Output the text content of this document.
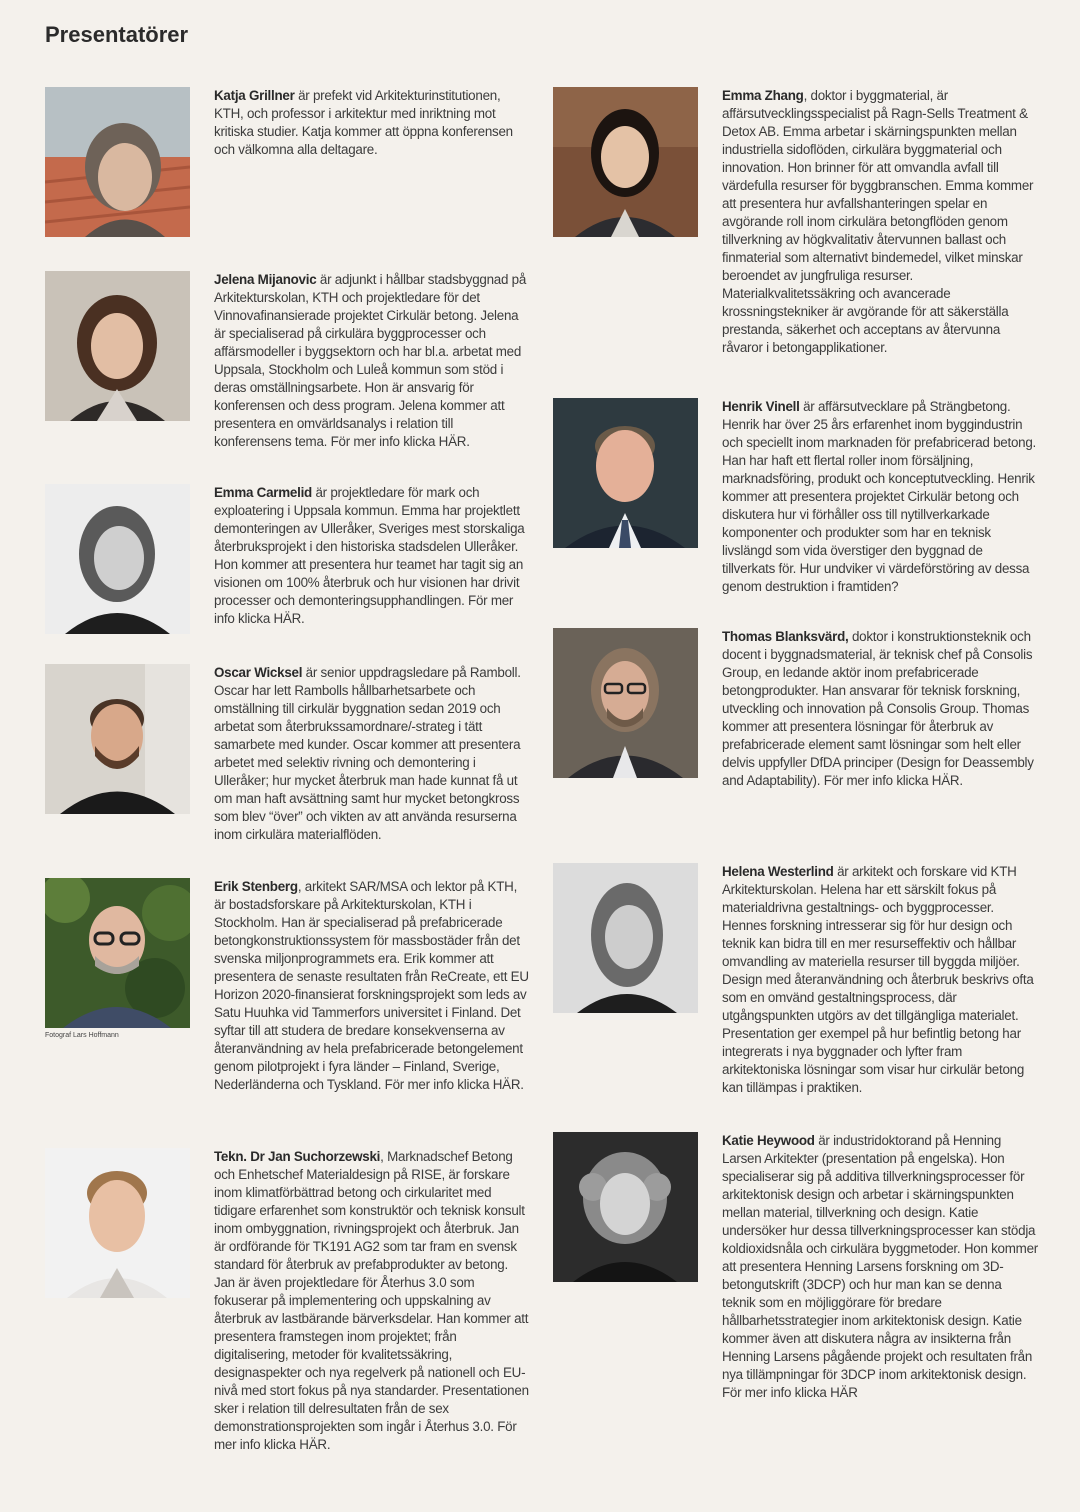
Presentatörer
Katja Grillner är prefekt vid Arkitekturinstitutionen, KTH, och professor i arkitektur med inriktning mot kritiska studier. Katja kommer att öppna konferensen och välkomna alla deltagare.
Jelena Mijanovic är adjunkt i hållbar stadsbyggnad på Arkitekturskolan, KTH och projektledare för det Vinnovafinansierade projektet Cirkulär betong. Jelena är specialiserad på cirkulära byggprocesser och affärsmodeller i byggsektorn och har bl.a. arbetat med Uppsala, Stockholm och Luleå kommun som stöd i deras omställningsarbete. Hon är ansvarig för konferensen och dess program. Jelena kommer att presentera en omvärldsanalys i relation till konferensens tema. För mer info klicka HÄR.
Emma Carmelid är projektledare för mark och exploatering i Uppsala kommun. Emma har projektlett demonteringen av Ulleråker, Sveriges mest storskaliga återbruksprojekt i den historiska stadsdelen Ulleråker. Hon kommer att presentera hur teamet har tagit sig an visionen om 100% återbruk och hur visionen har drivit processer och demonteringsupphandlingen. För mer info klicka HÄR.
Oscar Wicksel är senior uppdragsledare på Ramboll. Oscar har lett Rambolls hållbarhetsarbete och omställning till cirkulär byggnation sedan 2019 och arbetat som återbrukssamordnare/-strateg i tätt samarbete med kunder. Oscar kommer att presentera arbetet med selektiv rivning och demontering i Ulleråker; hur mycket återbruk man hade kunnat få ut om man haft avsättning samt hur mycket betongkross som blev “över” och vikten av att använda resurserna inom cirkulära materialflöden.
Fotograf Lars Hoffmann
Erik Stenberg, arkitekt SAR/MSA och lektor på KTH, är bostadsforskare på Arkitekturskolan, KTH i Stockholm. Han är specialiserad på prefabricerade betongkonstruktionssystem för massbostäder från det svenska miljonprogrammets era. Erik kommer att presentera de senaste resultaten från ReCreate, ett EU Horizon 2020-finansierat forskningsprojekt som leds av Satu Huuhka vid Tammerfors universitet i Finland. Det syftar till att studera de bredare konsekvenserna av återanvändning av hela prefabricerade betongelement genom pilotprojekt i fyra länder – Finland, Sverige, Nederländerna och Tyskland. För mer info klicka HÄR.
Tekn. Dr Jan Suchorzewski, Marknadschef Betong och Enhetschef Materialdesign på RISE, är forskare inom klimatförbättrad betong och cirkularitet med tidigare erfarenhet som konstruktör och teknisk konsult inom ombyggnation, rivningsprojekt och återbruk. Jan är ordförande för TK191 AG2 som tar fram en svensk standard för återbruk av prefabprodukter av betong. Jan är även projektledare för Återhus 3.0 som fokuserar på implementering och uppskalning av återbruk av lastbärande bärverksdelar. Han kommer att presentera framstegen inom projektet; från digitalisering, metoder för kvalitetssäkring, designaspekter och nya regelverk på nationell och EU-nivå med stort fokus på nya standarder. Presentationen sker i relation till delresultaten från de sex demonstrationsprojekten som ingår i Återhus 3.0. För mer info klicka HÄR.
Emma Zhang, doktor i byggmaterial, är affärsutvecklingsspecialist på Ragn-Sells Treatment & Detox AB. Emma arbetar i skärningspunkten mellan industriella sidoflöden, cirkulära byggmaterial och innovation. Hon brinner för att omvandla avfall till värdefulla resurser för byggbranschen. Emma kommer att presentera hur avfallshanteringen spelar en avgörande roll inom cirkulära betongflöden genom tillverkning av högkvalitativ återvunnen ballast och finmaterial som alternativt bindemedel, vilket minskar beroendet av jungfruliga resurser. Materialkvalitetssäkring och avancerade krossningstekniker är avgörande för att säkerställa prestanda, säkerhet och acceptans av återvunna råvaror i betongapplikationer.
Henrik Vinell är affärsutvecklare på Strängbetong. Henrik har över 25 års erfarenhet inom byggindustrin och speciellt inom marknaden för prefabricerad betong. Han har haft ett flertal roller inom försäljning, marknadsföring, produkt och konceptutveckling. Henrik kommer att presentera projektet Cirkulär betong och diskutera hur vi förhåller oss till nytillverkarkade komponenter och produkter som har en teknisk livslängd som vida överstiger den byggnad de tillverkats för. Hur undviker vi värdeförstöring av dessa genom destruktion i framtiden?
Thomas Blanksvärd, doktor i konstruktionsteknik och docent i byggnadsmaterial, är teknisk chef på Consolis Group, en ledande aktör inom prefabricerade betongprodukter. Han ansvarar för teknisk forskning, utveckling och innovation på Consolis Group. Thomas kommer att presentera lösningar för återbruk av prefabricerade element samt lösningar som helt eller delvis uppfyller DfDA principer (Design for Deassembly and Adaptability). För mer info klicka HÄR.
Helena Westerlind är arkitekt och forskare vid KTH Arkitekturskolan. Helena har ett särskilt fokus på materialdrivna gestaltnings- och byggprocesser. Hennes forskning intresserar sig för hur design och teknik kan bidra till en mer resurseffektiv och hållbar omvandling av materiella resurser till byggda miljöer. Design med återanvändning och återbruk beskrivs ofta som en omvänd gestaltningsprocess, där utgångspunkten utgörs av det tillgängliga materialet. Presentation ger exempel på hur befintlig betong har integrerats i nya byggnader och lyfter fram arkitektoniska lösningar som visar hur cirkulär betong kan tillämpas i praktiken.
Katie Heywood är industridoktorand på Henning Larsen Arkitekter (presentation på engelska). Hon specialiserar sig på additiva tillverkningsprocesser för arkitektonisk design och arbetar i skärningspunkten mellan material, tillverkning och design. Katie undersöker hur dessa tillverkningsprocesser kan stödja koldioxidsnåla och cirkulära byggmetoder. Hon kommer att presentera Henning Larsens forskning om 3D-betongutskrift (3DCP) och hur man kan se denna teknik som en möjliggörare för bredare hållbarhetsstrategier inom arkitektonisk design. Katie kommer även att diskutera några av insikterna från Henning Larsens pågående projekt och resultaten från nya tillämpningar för 3DCP inom arkitektonisk design. För mer info klicka HÄR
